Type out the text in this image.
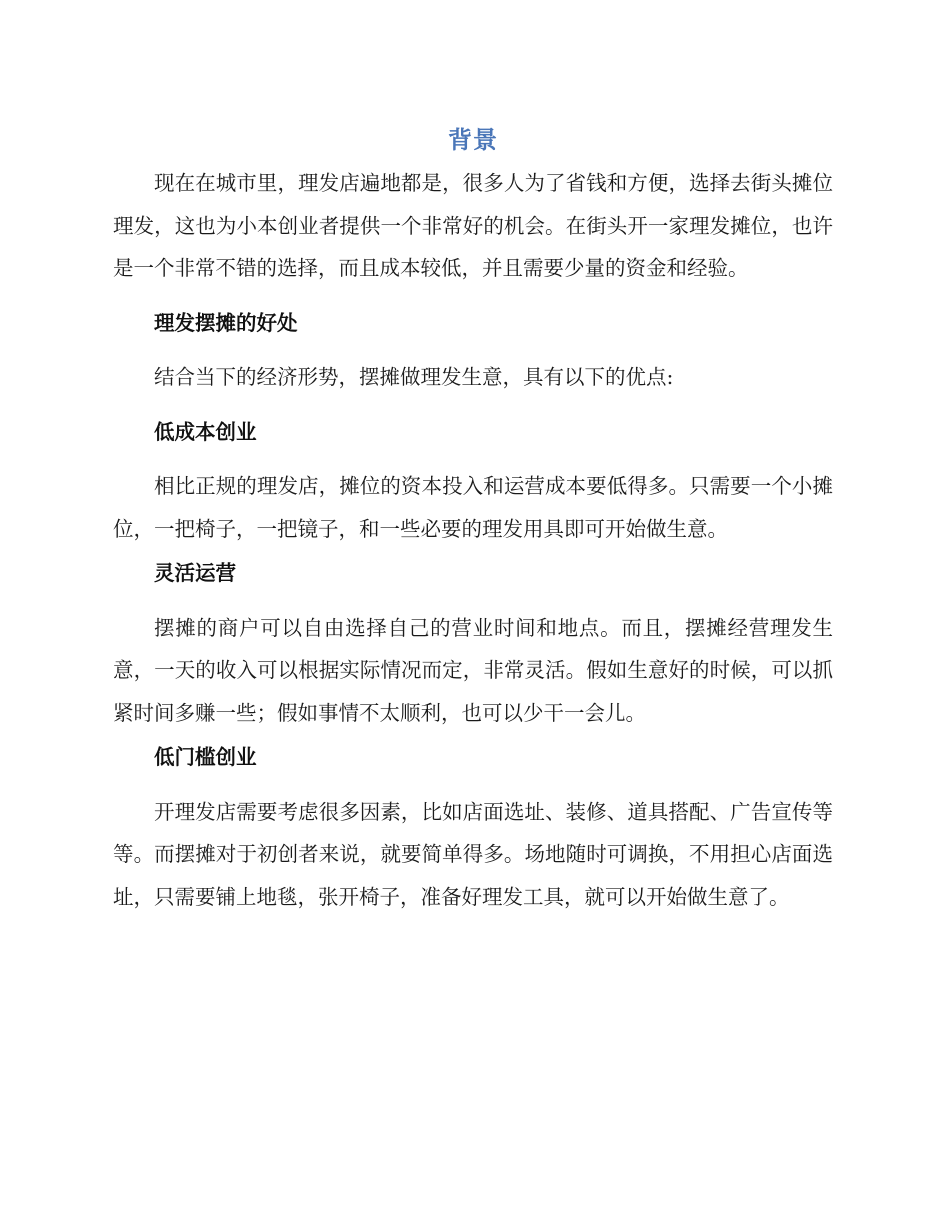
背景

现在在城市里，理发店遍地都是，很多人为了省钱和方便，选择去街头摊位理发，这也为小本创业者提供一个非常好的机会。在街头开一家理发摊位，也许是一个非常不错的选择，而且成本较低，并且需要少量的资金和经验。

理发摆摊的好处

结合当下的经济形势，摆摊做理发生意，具有以下的优点:

低成本创业

相比正规的理发店，摊位的资本投入和运营成本要低得多。只需要一个小摊位，一把椅子，一把镜子，和一些必要的理发用具即可开始做生意。

灵活运营

摆摊的商户可以自由选择自己的营业时间和地点。而且，摆摊经营理发生意，一天的收入可以根据实际情况而定，非常灵活。假如生意好的时候，可以抓紧时间多赚一些；假如事情不太顺利，也可以少干一会儿。

低门槛创业

开理发店需要考虑很多因素，比如店面选址、装修、道具搭配、广告宣传等等。而摆摊对于初创者来说，就要简单得多。场地随时可调换，不用担心店面选址，只需要铺上地毯，张开椅子，准备好理发工具，就可以开始做生意了。
